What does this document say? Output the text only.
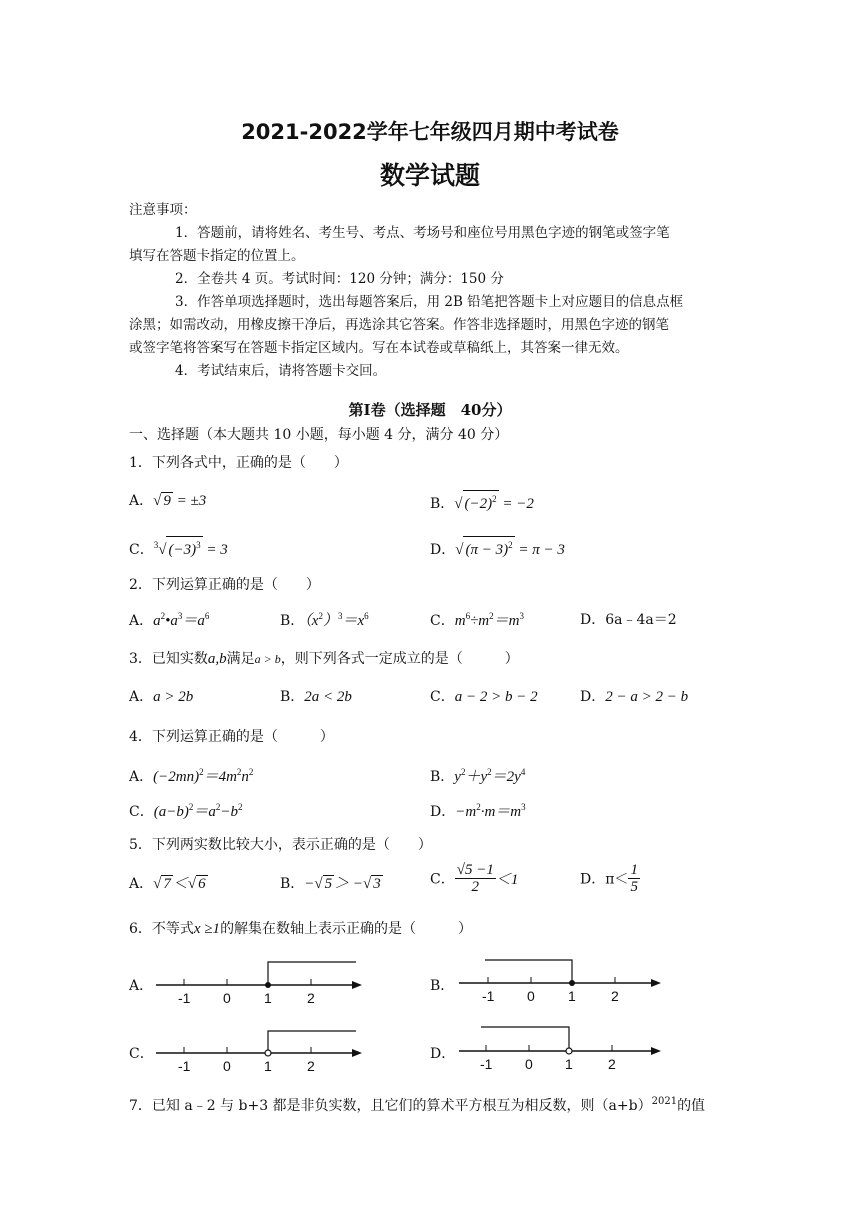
2021-2022学年七年级四月期中考试卷
数学试题
注意事项：
1．答题前，请将姓名、考生号、考点、考场号和座位号用黑色字迹的钢笔或签字笔
填写在答题卡指定的位置上。
2．全卷共 4 页。考试时间：120 分钟；满分：150 分
3．作答单项选择题时，选出每题答案后，用 2B 铅笔把答题卡上对应题目的信息点框
涂黑；如需改动，用橡皮擦干净后，再选涂其它答案。作答非选择题时，用黑色字迹的钢笔
或签字笔将答案写在答题卡指定区域内。写在本试卷或草稿纸上，其答案一律无效。
4．考试结束后，请将答题卡交回。
第Ⅰ卷（选择题　40分）
一、选择题（本大题共 10 小题，每小题 4 分，满分 40 分）
1．下列各式中，正确的是（　　）
A．√ 9 = ±3	B．√ $(-2)^2 = -2$
C．$^3$√ $(-3)^3 = 3$	D．√ $(\pi - 3)^2 = \pi - 3$
2．下列运算正确的是（　　）
A．$a^2•a^3=a^6$	B．$(x^2)^3=x^6$	C．$m^6\div m^2=m^3$	D．6a﹣4a＝2
3．已知实数a,b满足a > b，则下列各式一定成立的是（　　　）
A．a > 2b	B．2a < 2b	C．a − 2 > b − 2	D．2 − a > 2 − b
4．下列运算正确的是（　　　）
A．$(-2mn)^2=4m^2n^2$	B．$y^2+y^2=2y^4$
C．$(a-b)^2=a^2-b^2$	D．$-m^2\cdot m=m^3$
5．下列两实数比较大小，表示正确的是（　　）
A．√ 7 ＜√ 6	B．−√ 5 ＞ −√ 3	C． $\frac{√5 -1}{2} <1$	D．$\pi< \frac{1}{5}$
6．不等式x ≥1的解集在数轴上表示正确的是（　　　）
A．
-1 0 1	2
B．
-1 0 1	2
C．
-1 0 1	2
D．
-1 0 1	2
7．已知 a﹣2 与 b+3 都是非负实数，且它们的算术平方根互为相反数，则$(a+b)^{2021}$的值
